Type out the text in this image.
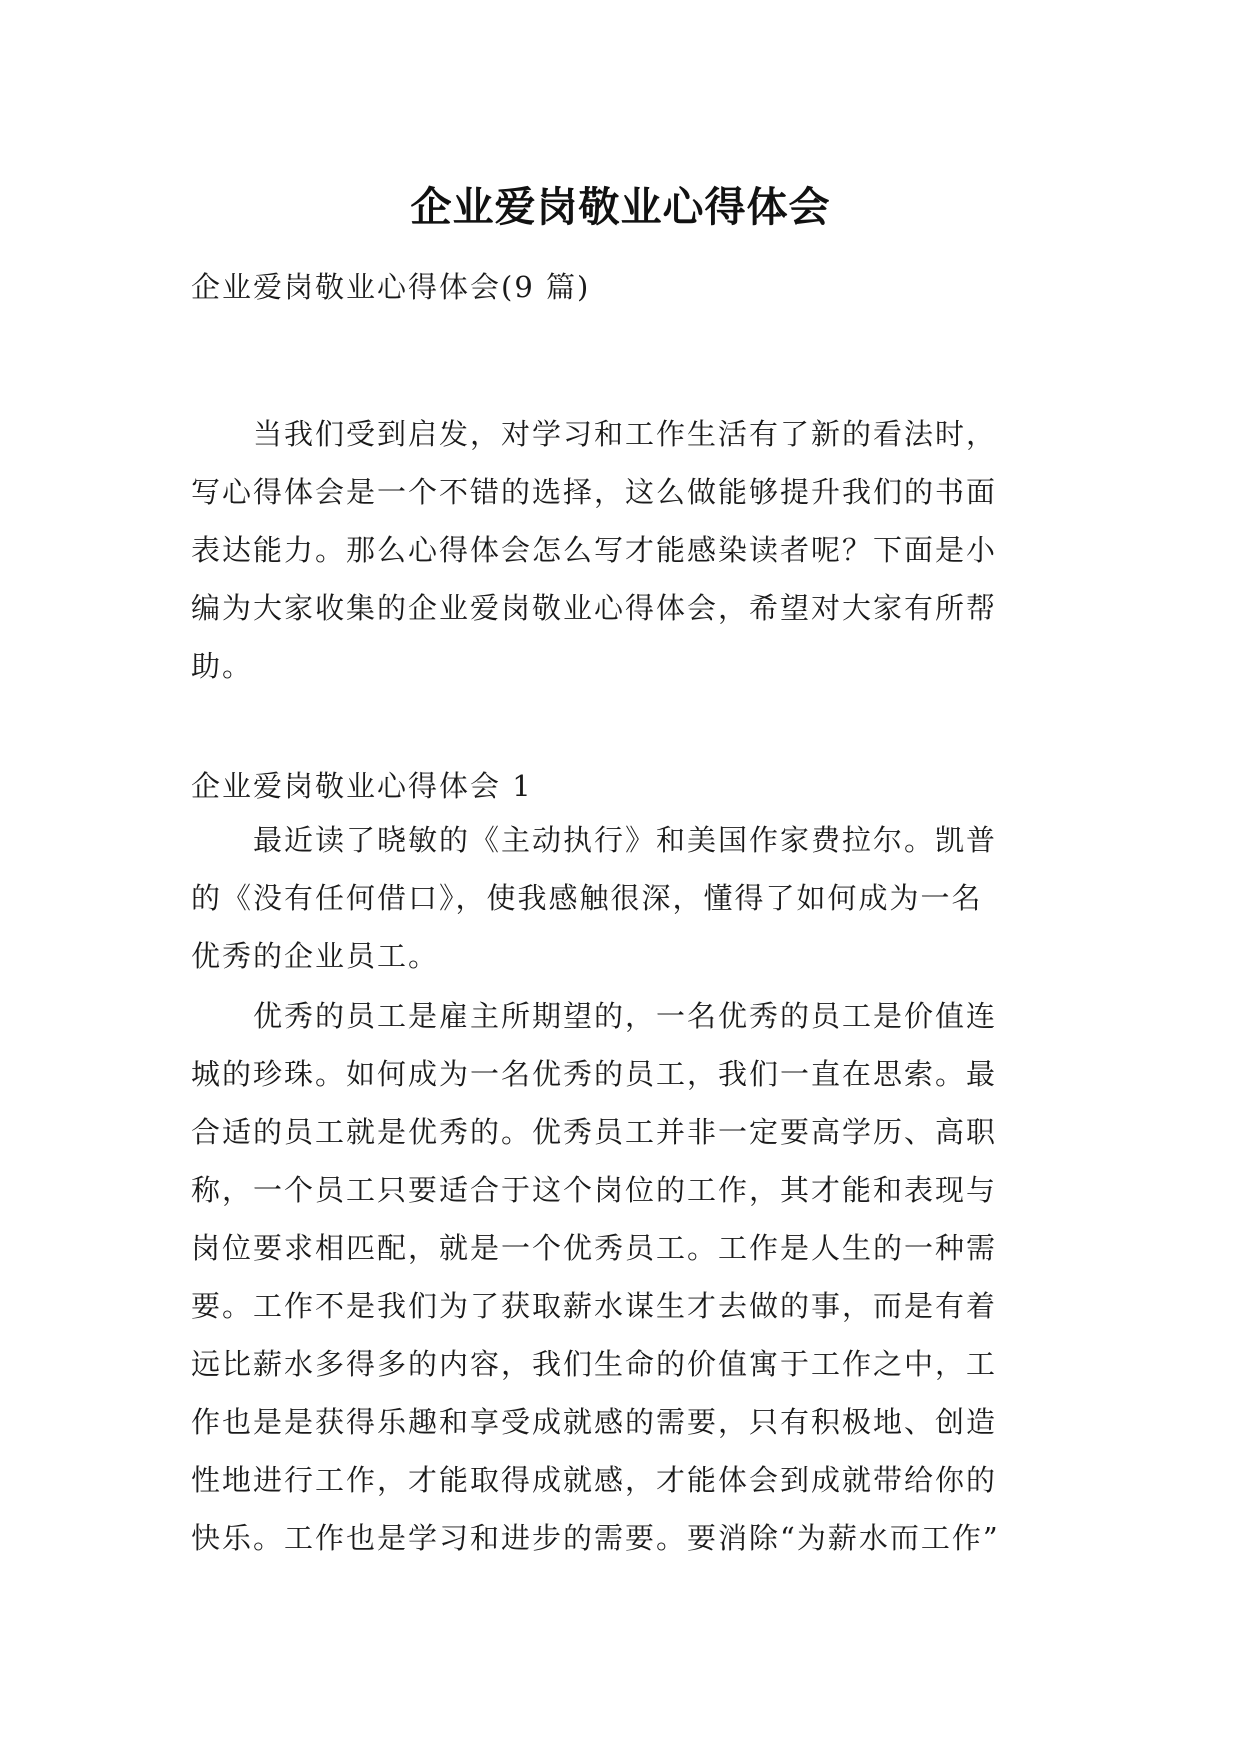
企业爱岗敬业心得体会
企业爱岗敬业心得体会(9 篇)
　　当我们受到启发，对学习和工作生活有了新的看法时，
写心得体会是一个不错的选择，这么做能够提升我们的书面
表达能力。那么心得体会怎么写才能感染读者呢？下面是小
编为大家收集的企业爱岗敬业心得体会，希望对大家有所帮
助。
企业爱岗敬业心得体会 1
　　最近读了晓敏的《主动执行》和美国作家费拉尔。凯普
的《没有任何借口》，使我感触很深，懂得了如何成为一名
优秀的企业员工。
　　优秀的员工是雇主所期望的，一名优秀的员工是价值连
城的珍珠。如何成为一名优秀的员工，我们一直在思索。最
合适的员工就是优秀的。优秀员工并非一定要高学历、高职
称，一个员工只要适合于这个岗位的工作，其才能和表现与
岗位要求相匹配，就是一个优秀员工。工作是人生的一种需
要。工作不是我们为了获取薪水谋生才去做的事，而是有着
远比薪水多得多的内容，我们生命的价值寓于工作之中，工
作也是是获得乐趣和享受成就感的需要，只有积极地、创造
性地进行工作，才能取得成就感，才能体会到成就带给你的
快乐。工作也是学习和进步的需要。要消除“为薪水而工作”
